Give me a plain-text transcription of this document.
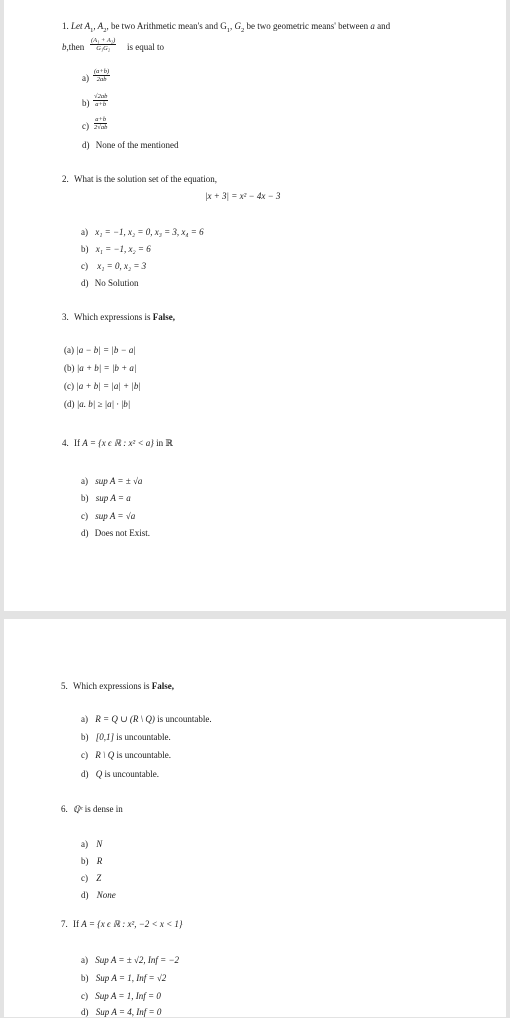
1. Let $A_1$, $A_2$, be two Arithmetic mean's and $G_1$, $G_2$ be two geometric means' between a and
b,then $\frac{\text{(A₁ + A₂)}}{\text{G₁G₂}}$ is equal to
$a) \frac{(a+b)}{2ab}$
$b) \frac{√2ab}{a+b}$
$c) \frac{a+b}{2√ab}$
d) None of the mentioned
2. What is the solution set of the equation,
|x + 3| = x² − 4x − 3
a) x₁ = −1, x₂ = 0, x₃ = 3, x₄ = 6
b) x₁ = −1, x₂ = 6
c) x₁ = 0, x₂ = 3
d) No Solution
3. Which expressions is False,
(a) |a − b| = |b − a|
(b) |a + b| = |b + a|
(c) |a + b| = |a| + |b|
(d) |a. b| ≥ |a| · |b|
4. If A = {x ϵ ℝ : x² < a} in ℝ
a) sup A = ± √a
b) sup A = a
c) sup A = √a
d) Does not Exist.
5. Which expressions is False,
a) R = Q ∪ (R \ Q) is uncountable.
b) [0,1] is uncountable.
c) R \ Q is uncountable.
d) Q is uncountable.
6. ℚᶜ is dense in
a) N
b) R
c) Z
d) None
7. If A = {x ϵ ℝ : x², −2 < x < 1}
a) Sup A = ± √2, Inf = −2
b) Sup A = 1, Inf = √2
c) Sup A = 1, Inf = 0
d) Sup A = 4, Inf = 0
